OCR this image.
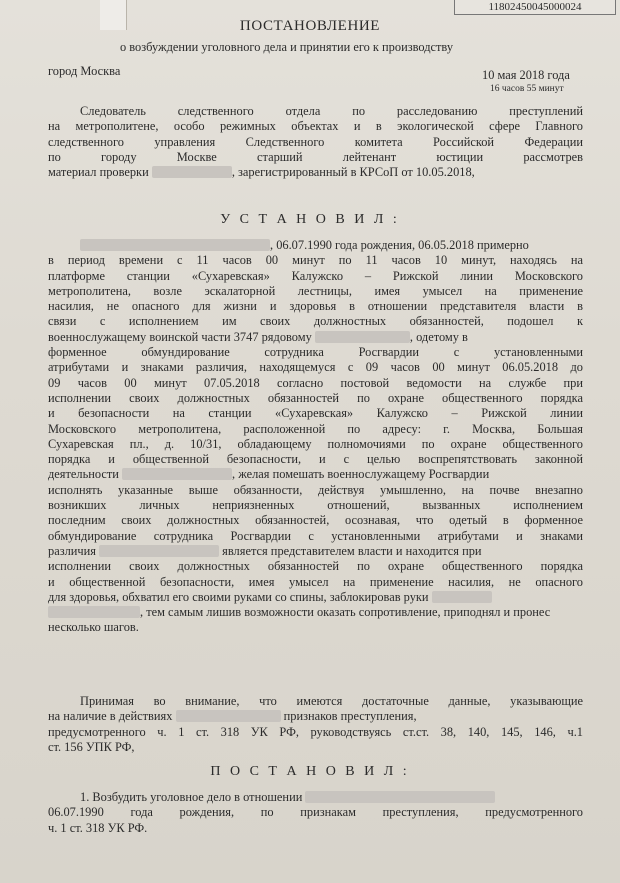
11802450045000024
ПОСТАНОВЛЕНИЕ
о возбуждении уголовного дела и принятии его к производству
город Москва	10 мая 2018 года
16 часов 55 минут
Следователь следственного отдела по расследованию преступлений
на метрополитене, особо режимных объектах и в экологической сфере Главного
следственного управления Следственного комитета Российской Федерации
по городу Москве старший лейтенант юстиции рассмотрев
материал проверки	, зарегистрированный в КРСоП от 10.05.2018,
У С Т А Н О В И Л :
, 06.07.1990 года рождения, 06.05.2018 примерно
в период времени с 11 часов 00 минут по 11 часов 10 минут, находясь на
платформе станции «Сухаревская» Калужско – Рижской линии Московского
метрополитена, возле эскалаторной лестницы, имея умысел на применение
насилия, не опасного для жизни и здоровья в отношении представителя власти в
связи с исполнением им своих должностных обязанностей, подошел к
военнослужащему воинской части 3747 рядовому	, одетому в
форменное обмундирование сотрудника Росгвардии с установленными
атрибутами и знаками различия, находящемуся с 09 часов 00 минут 06.05.2018 до
09 часов 00 минут 07.05.2018 согласно постовой ведомости на службе при
исполнении своих должностных обязанностей по охране общественного порядка
и безопасности на станции «Сухаревская» Калужско – Рижской линии
Московского метрополитена, расположенной по адресу: г. Москва, Большая
Сухаревская пл., д. 10/31, обладающему полномочиями по охране общественного
порядка и общественной безопасности, и с целью воспрепятствовать законной
деятельности	, желая помешать военнослужащему Росгвардии
исполнять указанные выше обязанности, действуя умышленно, на почве внезапно
возникших личных неприязненных отношений, вызванных исполнением
последним своих должностных обязанностей, осознавая, что одетый в форменное
обмундирование сотрудника Росгвардии с установленными атрибутами и знаками
различия	является представителем власти и находится при
исполнении своих должностных обязанностей по охране общественного порядка
и общественной безопасности, имея умысел на применение насилия, не опасного
для здоровья, обхватил его своими руками со спины, заблокировав руки
, тем самым лишив возможности оказать сопротивление, приподнял и пронес
несколько шагов.
Принимая во внимание, что имеются достаточные данные, указывающие
на наличие в действиях	признаков преступления,
предусмотренного ч. 1 ст. 318 УК РФ, руководствуясь ст.ст. 38, 140, 145, 146, ч.1
ст. 156 УПК РФ,
П О С Т А Н О В И Л :
1. Возбудить уголовное дело в отношении
06.07.1990 года рождения, по признакам преступления, предусмотренного
ч. 1 ст. 318 УК РФ.
